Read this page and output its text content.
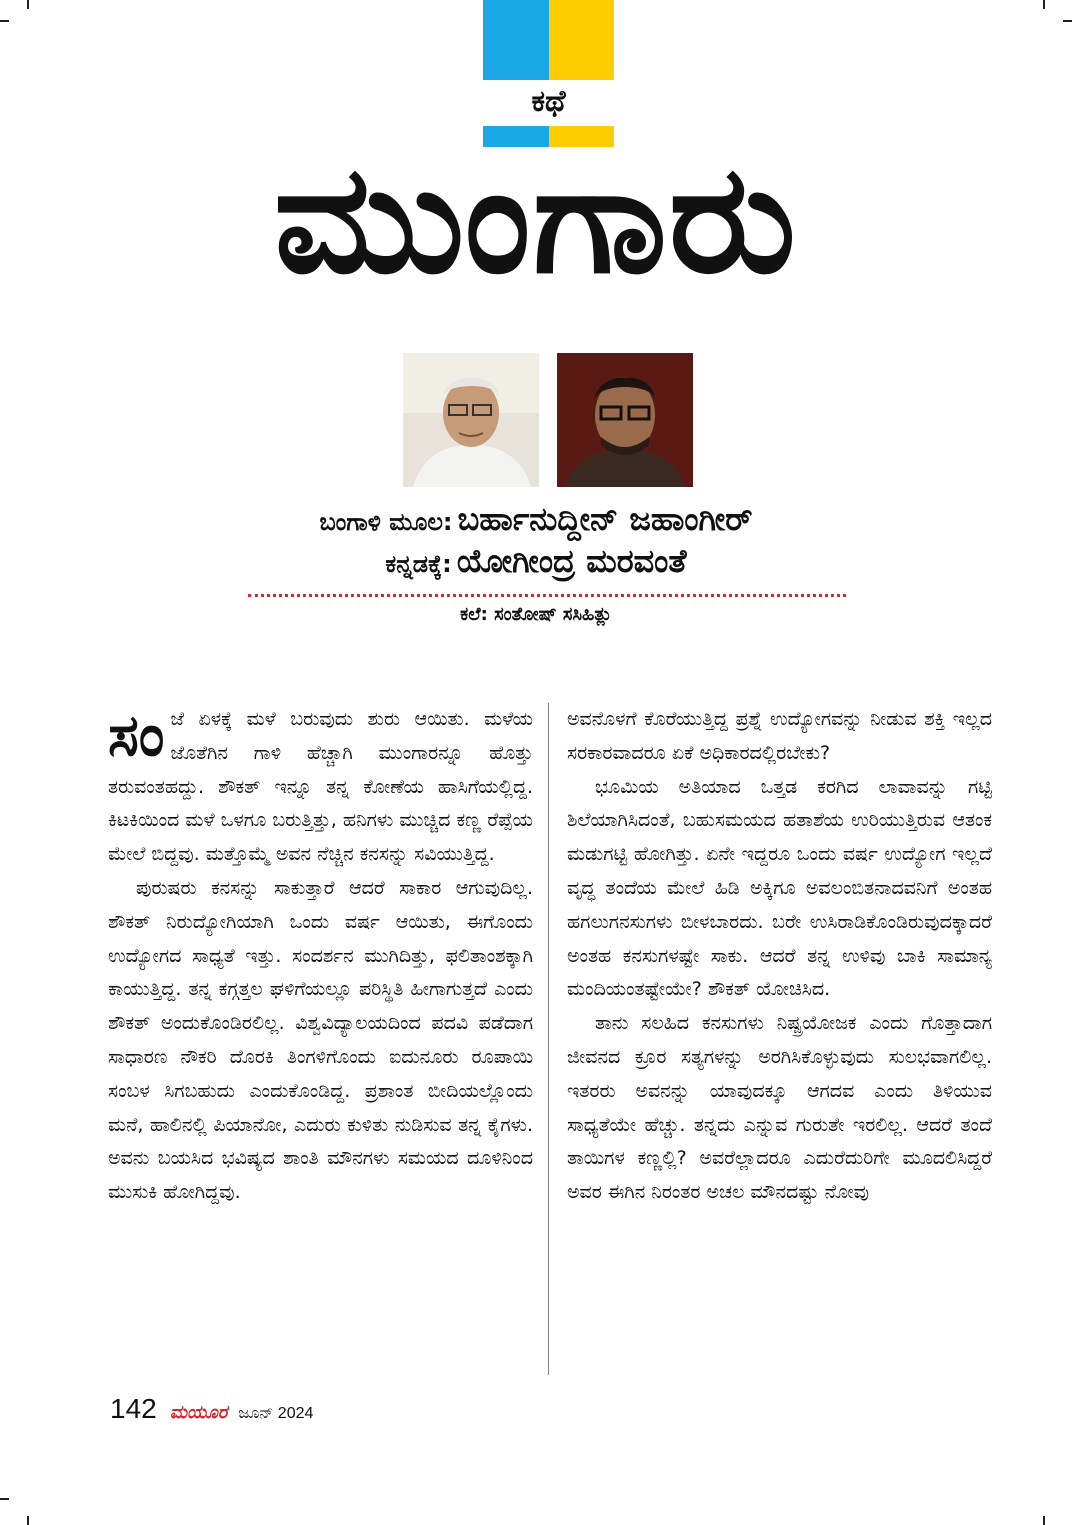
ಕಥೆ
ಮುಂಗಾರು
ಬಂಗಾಳಿ ಮೂಲ: ಬರ್ಹಾನುದ್ದೀನ್ ಜಹಾಂಗೀರ್
ಕನ್ನಡಕ್ಕೆ: ಯೋಗೀಂದ್ರ ಮರವಂತೆ
ಕಲೆ: ಸಂತೋಷ್ ಸಸಿಹಿತ್ಲು

ಸಂಜೆ ಏಳಕ್ಕೆ ಮಳೆ ಬರುವುದು ಶುರು ಆಯಿತು. ಮಳೆಯ ಜೊತೆಗಿನ ಗಾಳಿ ಹೆಚ್ಚಾಗಿ ಮುಂಗಾರನ್ನೂ ಹೊತ್ತು ತರುವಂತಹದ್ದು. ಶೌಕತ್ ಇನ್ನೂ ತನ್ನ ಕೋಣೆಯ ಹಾಸಿಗೆಯಲ್ಲಿದ್ದ. ಕಿಟಕಿಯಿಂದ ಮಳೆ ಒಳಗೂ ಬರುತ್ತಿತ್ತು, ಹನಿಗಳು ಮುಚ್ಚಿದ ಕಣ್ಣ ರೆಪ್ಪೆಯ ಮೇಲೆ ಬಿದ್ದವು. ಮತ್ತೊಮ್ಮೆ ಅವನ ನೆಚ್ಚಿನ ಕನಸನ್ನು ಸವಿಯುತ್ತಿದ್ದ.

ಪುರುಷರು ಕನಸನ್ನು ಸಾಕುತ್ತಾರೆ ಆದರೆ ಸಾಕಾರ ಆಗುವುದಿಲ್ಲ. ಶೌಕತ್ ನಿರುದ್ಯೋಗಿಯಾಗಿ ಒಂದು ವರ್ಷ ಆಯಿತು, ಈಗೊಂದು ಉದ್ಯೋಗದ ಸಾಧ್ಯತೆ ಇತ್ತು. ಸಂದರ್ಶನ ಮುಗಿದಿತ್ತು, ಫಲಿತಾಂಶಕ್ಕಾಗಿ ಕಾಯುತ್ತಿದ್ದ. ತನ್ನ ಕಗ್ಗತ್ತಲ ಘಳಿಗೆಯಲ್ಲೂ ಪರಿಸ್ಥಿತಿ ಹೀಗಾಗುತ್ತದೆ ಎಂದು ಶೌಕತ್ ಅಂದುಕೊಂಡಿರಲಿಲ್ಲ. ವಿಶ್ವವಿದ್ಯಾಲಯದಿಂದ ಪದವಿ ಪಡೆದಾಗ ಸಾಧಾರಣ ನೌಕರಿ ದೊರಕಿ ತಿಂಗಳಿಗೊಂದು ಐದುನೂರು ರೂಪಾಯಿ ಸಂಬಳ ಸಿಗಬಹುದು ಎಂದುಕೊಂಡಿದ್ದ. ಪ್ರಶಾಂತ ಬೀದಿಯಲ್ಲೊಂದು ಮನೆ, ಹಾಲಿನಲ್ಲಿ ಪಿಯಾನೋ, ಎದುರು ಕುಳಿತು ನುಡಿಸುವ ತನ್ನ ಕೈಗಳು. ಅವನು ಬಯಸಿದ ಭವಿಷ್ಯದ ಶಾಂತಿ ಮೌನಗಳು ಸಮಯದ ದೂಳಿನಿಂದ ಮುಸುಕಿ ಹೋಗಿದ್ದವು.

ಅವನೊಳಗೆ ಕೊರೆಯುತ್ತಿದ್ದ ಪ್ರಶ್ನೆ ಉದ್ಯೋಗವನ್ನು ನೀಡುವ ಶಕ್ತಿ ಇಲ್ಲದ ಸರಕಾರವಾದರೂ ಏಕೆ ಅಧಿಕಾರದಲ್ಲಿರಬೇಕು?

ಭೂಮಿಯ ಅತಿಯಾದ ಒತ್ತಡ ಕರಗಿದ ಲಾವಾವನ್ನು ಗಟ್ಟಿ ಶಿಲೆಯಾಗಿಸಿದಂತೆ, ಬಹುಸಮಯದ ಹತಾಶೆಯ ಉರಿಯುತ್ತಿರುವ ಆತಂಕ ಮಡುಗಟ್ಟಿ ಹೋಗಿತ್ತು. ಏನೇ ಇದ್ದರೂ ಒಂದು ವರ್ಷ ಉದ್ಯೋಗ ಇಲ್ಲದೆ ವೃದ್ಧ ತಂದೆಯ ಮೇಲೆ ಹಿಡಿ ಅಕ್ಕಿಗೂ ಅವಲಂಬಿತನಾದವನಿಗೆ ಅಂತಹ ಹಗಲುಗನಸುಗಳು ಬೀಳಬಾರದು. ಬರೇ ಉಸಿರಾಡಿಕೊಂಡಿರುವುದಕ್ಕಾದರೆ ಅಂತಹ ಕನಸುಗಳಷ್ಟೇ ಸಾಕು. ಆದರೆ ತನ್ನ ಉಳಿವು ಬಾಕಿ ಸಾಮಾನ್ಯ ಮಂದಿಯಂತಷ್ಟೇಯೇ? ಶೌಕತ್ ಯೋಚಿಸಿದ.

ತಾನು ಸಲಹಿದ ಕನಸುಗಳು ನಿಷ್ಪ್ರಯೋಜಕ ಎಂದು ಗೊತ್ತಾದಾಗ ಜೀವನದ ಕ್ರೂರ ಸತ್ಯಗಳನ್ನು ಅರಗಿಸಿಕೊಳ್ಳುವುದು ಸುಲಭವಾಗಲಿಲ್ಲ. ಇತರರು ಅವನನ್ನು ಯಾವುದಕ್ಕೂ ಆಗದವ ಎಂದು ತಿಳಿಯುವ ಸಾಧ್ಯತೆಯೇ ಹೆಚ್ಚು. ತನ್ನದು ಎನ್ನುವ ಗುರುತೇ ಇರಲಿಲ್ಲ. ಆದರೆ ತಂದೆ ತಾಯಿಗಳ ಕಣ್ಣಲ್ಲಿ? ಅವರೆಲ್ಲಾದರೂ ಎದುರೆದುರಿಗೇ ಮೂದಲಿಸಿದ್ದರೆ ಅವರ ಈಗಿನ ನಿರಂತರ ಅಚಲ ಮೌನದಷ್ಟು ನೋವು

142 ಮಯೂರ ಜೂನ್ 2024
